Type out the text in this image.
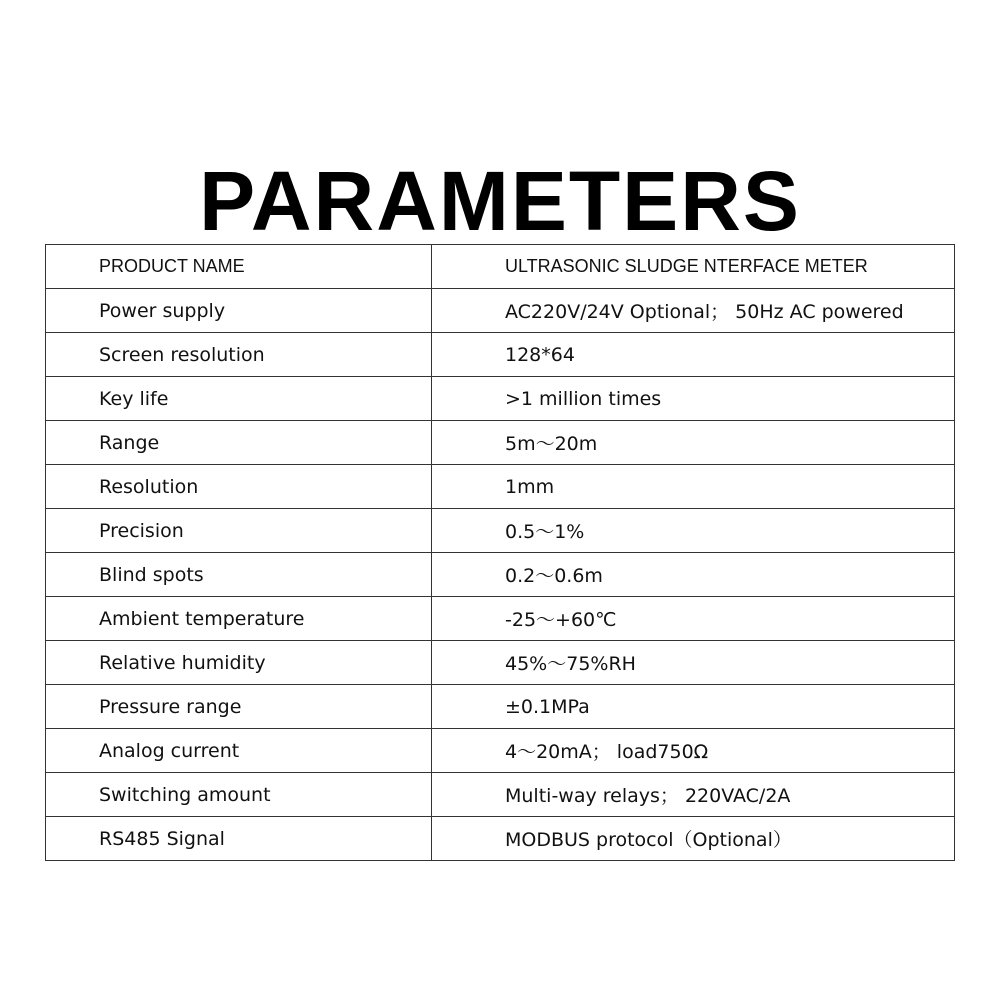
PARAMETERS
PRODUCT NAME	ULTRASONIC SLUDGE NTERFACE METER
Power supply	AC220V/24V Optional； 50Hz AC powered
Screen resolution	128*64
Key life	>1 million times
Range	5m～20m
Resolution	1mm
Precision	0.5～1%
Blind spots	0.2～0.6m
Ambient temperature	-25～+60℃
Relative humidity	45%～75%RH
Pressure range	±0.1MPa
Analog current	4～20mA； load750Ω
Switching amount	Multi-way relays； 220VAC/2A
RS485 Signal	MODBUS protocol（Optional）
